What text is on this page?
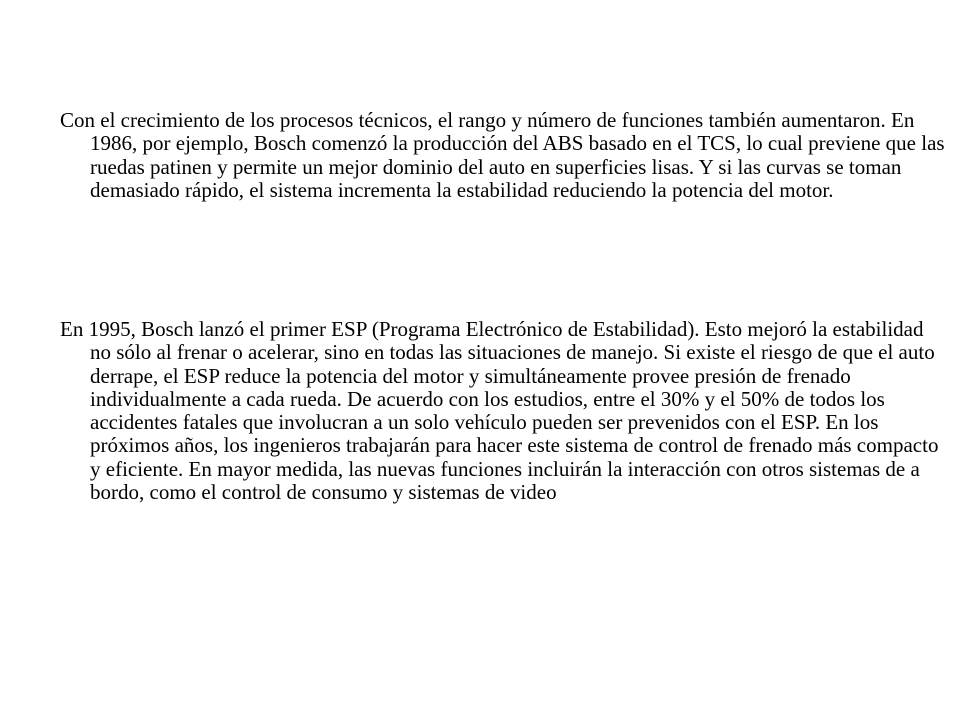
Con el crecimiento de los procesos técnicos, el rango y número de funciones también aumentaron. En 1986, por ejemplo, Bosch comenzó la producción del ABS basado en el TCS, lo cual previene que las ruedas patinen y permite un mejor dominio del auto en superficies lisas. Y si las curvas se toman demasiado rápido, el sistema incrementa la estabilidad reduciendo la potencia del motor.

En 1995, Bosch lanzó el primer ESP (Programa Electrónico de Estabilidad). Esto mejoró la estabilidad no sólo al frenar o acelerar, sino en todas las situaciones de manejo. Si existe el riesgo de que el auto derrape, el ESP reduce la potencia del motor y simultáneamente provee presión de frenado individualmente a cada rueda. De acuerdo con los estudios, entre el 30% y el 50% de todos los accidentes fatales que involucran a un solo vehículo pueden ser prevenidos con el ESP. En los próximos años, los ingenieros trabajarán para hacer este sistema de control de frenado más compacto y eficiente. En mayor medida, las nuevas funciones incluirán la interacción con otros sistemas de a bordo, como el control de consumo y sistemas de video
